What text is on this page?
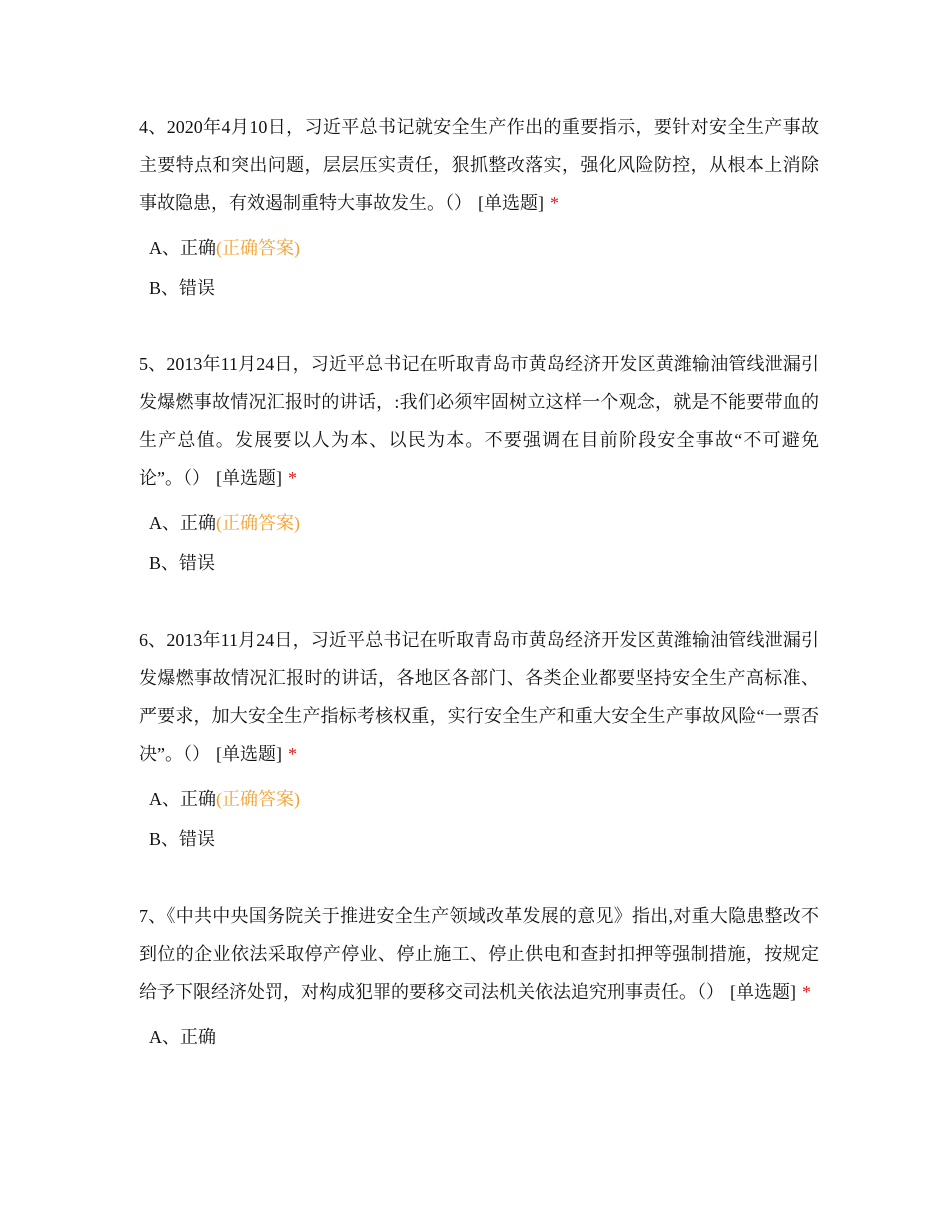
4、2020年4月10日，习近平总书记就安全生产作出的重要指示，要针对安全生产事故主要特点和突出问题，层层压实责任，狠抓整改落实，强化风险防控，从根本上消除事故隐患，有效遏制重特大事故发生。（） [单选题] *

A、正确(正确答案)
B、错误

5、2013年11月24日，习近平总书记在听取青岛市黄岛经济开发区黄潍输油管线泄漏引发爆燃事故情况汇报时的讲话，:我们必须牢固树立这样一个观念，就是不能要带血的生产总值。发展要以人为本、以民为本。不要强调在目前阶段安全事故“不可避免论”。（） [单选题] *

A、正确(正确答案)
B、错误

6、2013年11月24日，习近平总书记在听取青岛市黄岛经济开发区黄潍输油管线泄漏引发爆燃事故情况汇报时的讲话，各地区各部门、各类企业都要坚持安全生产高标准、严要求，加大安全生产指标考核权重，实行安全生产和重大安全生产事故风险“一票否决”。（） [单选题] *

A、正确(正确答案)
B、错误

7、《中共中央国务院关于推进安全生产领域改革发展的意见》指出,对重大隐患整改不到位的企业依法采取停产停业、停止施工、停止供电和查封扣押等强制措施，按规定给予下限经济处罚，对构成犯罪的要移交司法机关依法追究刑事责任。（） [单选题] *

A、正确
